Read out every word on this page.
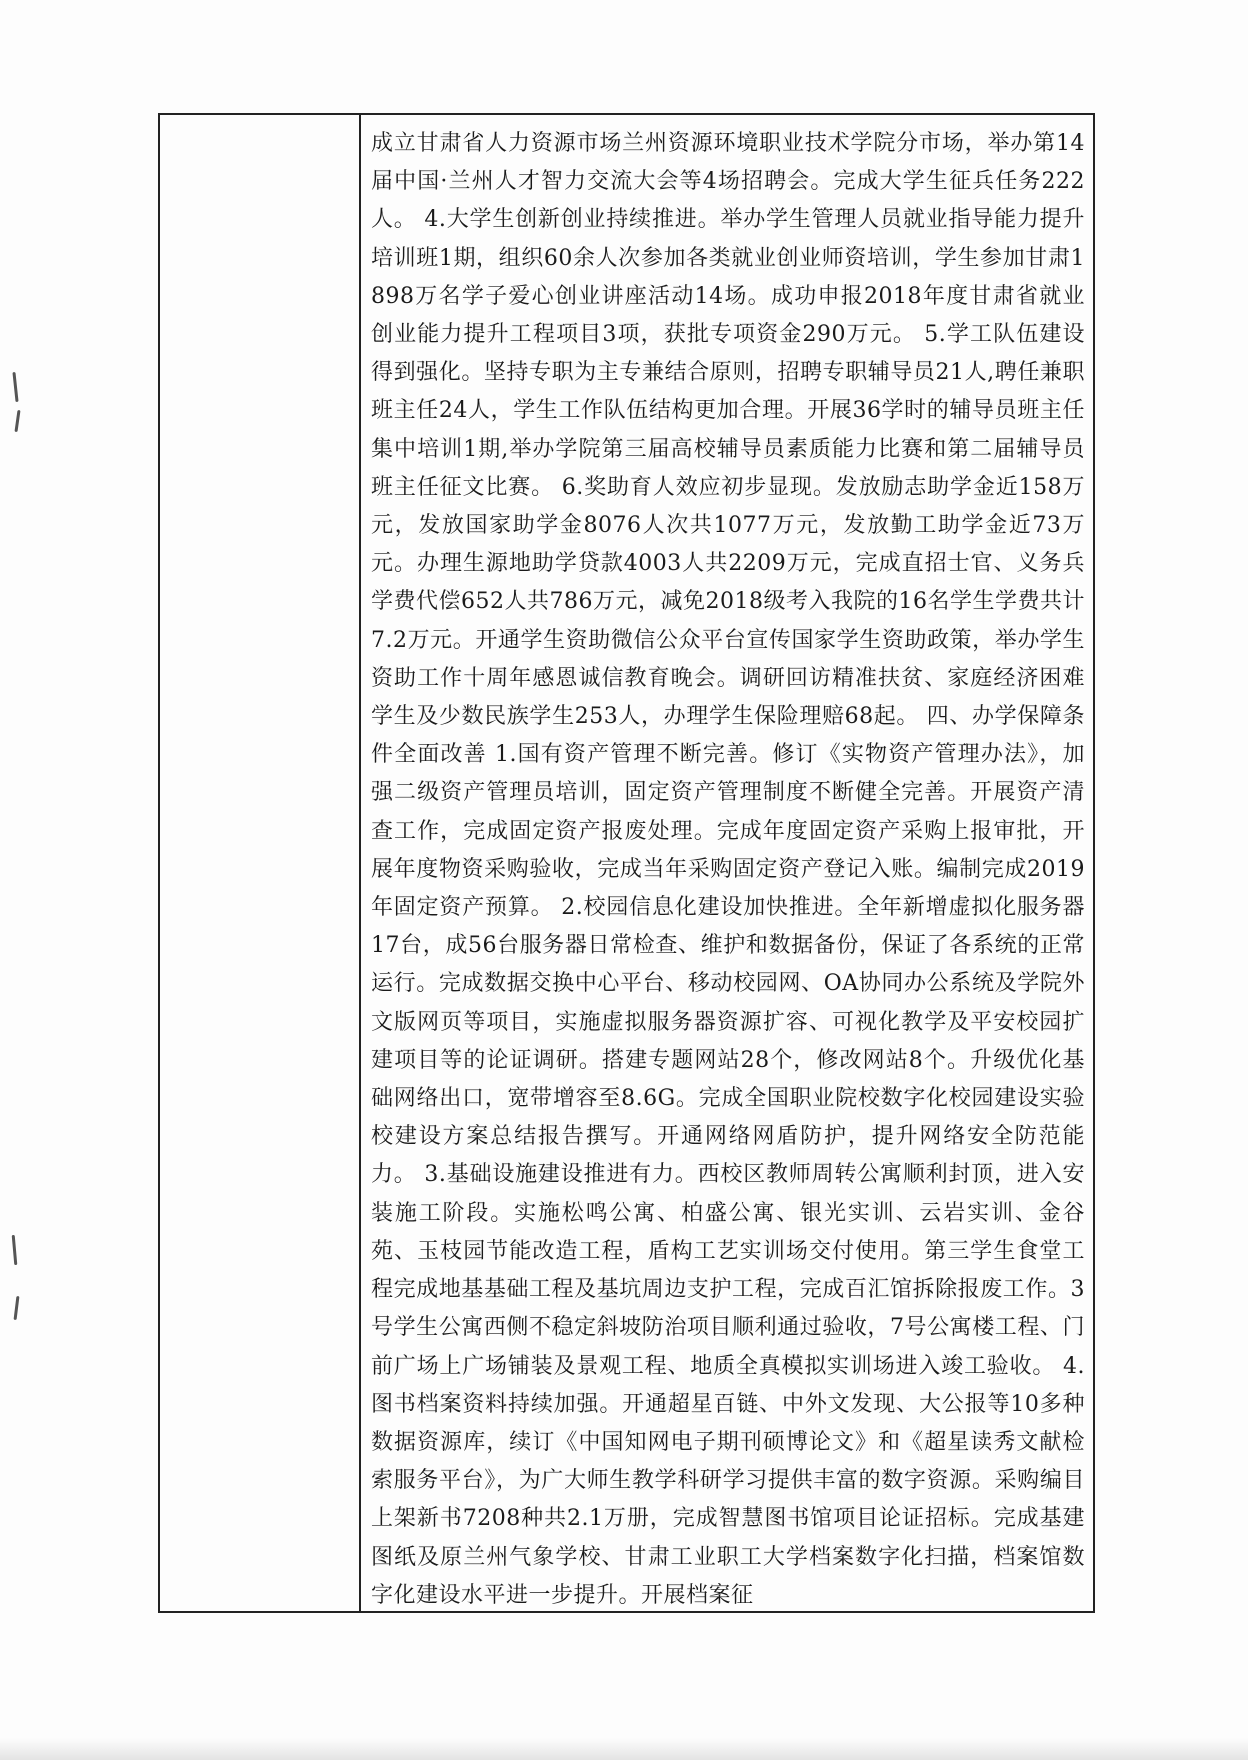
成立甘肃省人力资源市场兰州资源环境职业技术学院分市场，举办第14届中国·兰州人才智力交流大会等4场招聘会。完成大学生征兵任务222人。 4.大学生创新创业持续推进。举办学生管理人员就业指导能力提升培训班1期，组织60余人次参加各类就业创业师资培训，学生参加甘肃1898万名学子爱心创业讲座活动14场。成功申报2018年度甘肃省就业创业能力提升工程项目3项，获批专项资金290万元。 5.学工队伍建设得到强化。坚持专职为主专兼结合原则，招聘专职辅导员21人,聘任兼职班主任24人，学生工作队伍结构更加合理。开展36学时的辅导员班主任集中培训1期,举办学院第三届高校辅导员素质能力比赛和第二届辅导员班主任征文比赛。 6.奖助育人效应初步显现。发放励志助学金近158万元，发放国家助学金8076人次共1077万元，发放勤工助学金近73万元。办理生源地助学贷款4003人共2209万元，完成直招士官、义务兵学费代偿652人共786万元，减免2018级考入我院的16名学生学费共计7.2万元。开通学生资助微信公众平台宣传国家学生资助政策，举办学生资助工作十周年感恩诚信教育晚会。调研回访精准扶贫、家庭经济困难学生及少数民族学生253人，办理学生保险理赔68起。 四、办学保障条件全面改善 1.国有资产管理不断完善。修订《实物资产管理办法》，加强二级资产管理员培训，固定资产管理制度不断健全完善。开展资产清查工作，完成固定资产报废处理。完成年度固定资产采购上报审批，开展年度物资采购验收，完成当年采购固定资产登记入账。编制完成2019年固定资产预算。 2.校园信息化建设加快推进。全年新增虚拟化服务器17台，成56台服务器日常检查、维护和数据备份，保证了各系统的正常运行。完成数据交换中心平台、移动校园网、OA协同办公系统及学院外文版网页等项目，实施虚拟服务器资源扩容、可视化教学及平安校园扩建项目等的论证调研。搭建专题网站28个，修改网站8个。升级优化基础网络出口，宽带增容至8.6G。完成全国职业院校数字化校园建设实验校建设方案总结报告撰写。开通网络网盾防护，提升网络安全防范能力。 3.基础设施建设推进有力。西校区教师周转公寓顺利封顶，进入安装施工阶段。实施松鸣公寓、柏盛公寓、银光实训、云岩实训、金谷苑、玉枝园节能改造工程，盾构工艺实训场交付使用。第三学生食堂工程完成地基基础工程及基坑周边支护工程，完成百汇馆拆除报废工作。3号学生公寓西侧不稳定斜坡防治项目顺利通过验收，7号公寓楼工程、门前广场上广场铺装及景观工程、地质全真模拟实训场进入竣工验收。 4.图书档案资料持续加强。开通超星百链、中外文发现、大公报等10多种数据资源库，续订《中国知网电子期刊硕博论文》和《超星读秀文献检索服务平台》，为广大师生教学科研学习提供丰富的数字资源。采购编目上架新书7208种共2.1万册，完成智慧图书馆项目论证招标。完成基建图纸及原兰州气象学校、甘肃工业职工大学档案数字化扫描，档案馆数字化建设水平进一步提升。开展档案征
